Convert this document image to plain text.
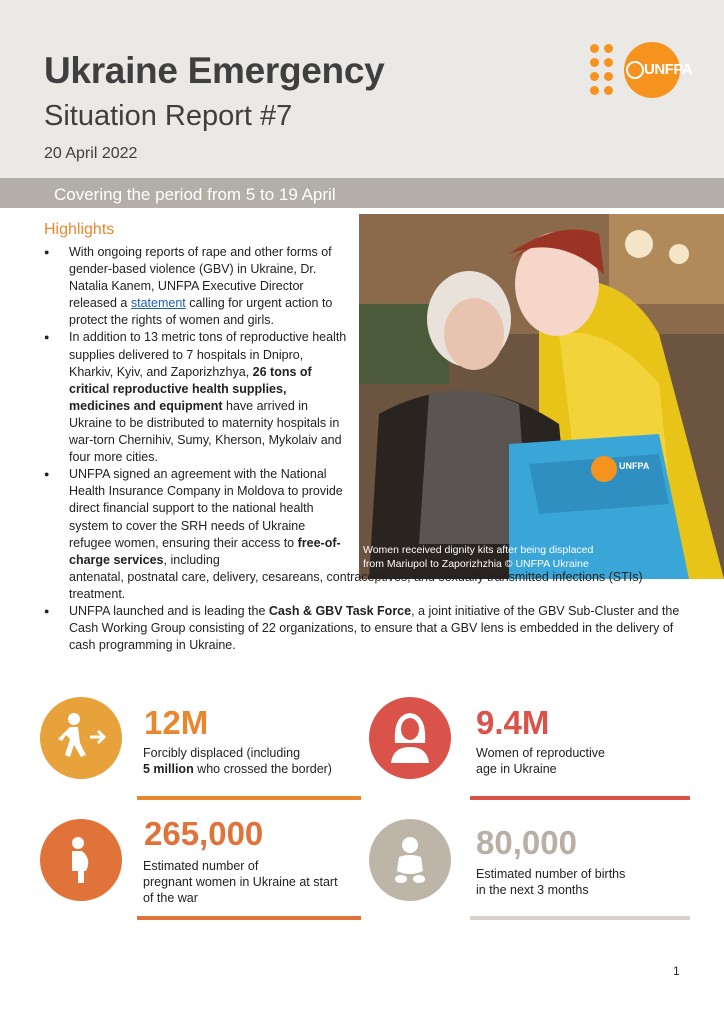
Ukraine Emergency
Situation Report #7
20 April 2022
UNFPA
Covering the period from 5 to 19 April
Women received dignity kits after being displaced
from Mariupol to Zaporizhzhia © UNFPA Ukraine
UNFPA
Highlights
● With ongoing reports of rape and other forms of gender-based violence (GBV) in Ukraine, Dr. Natalia Kanem, UNFPA Executive Director released a statement calling for urgent action to protect the rights of women and girls.
● In addition to 13 metric tons of reproductive health supplies delivered to 7 hospitals in Dnipro, Kharkiv, Kyiv, and Zaporizhzhya, 26 tons of critical reproductive health supplies, medicines and equipment have arrived in Ukraine to be distributed to maternity hospitals in war-torn Chernihiv, Sumy, Kherson, Mykolaiv and four more cities.
● UNFPA signed an agreement with the National Health Insurance Company in Moldova to provide direct financial support to the national health system to cover the SRH needs of Ukraine refugee women, ensuring their access to free-of-charge services, including
antenatal, postnatal care, delivery, cesareans, contraceptives, and sexually transmitted infections (STIs) treatment.
● UNFPA launched and is leading the Cash & GBV Task Force, a joint initiative of the GBV Sub-Cluster and the Cash Working Group consisting of 22 organizations, to ensure that a GBV lens is embedded in the delivery of cash programming in Ukraine.
12M
Forcibly displaced (including
5 million who crossed the border)
9.4M
Women of reproductive
age in Ukraine
265,000
Estimated number of
pregnant women in Ukraine at start
of the war
80,000
Estimated number of births
in the next 3 months
1
